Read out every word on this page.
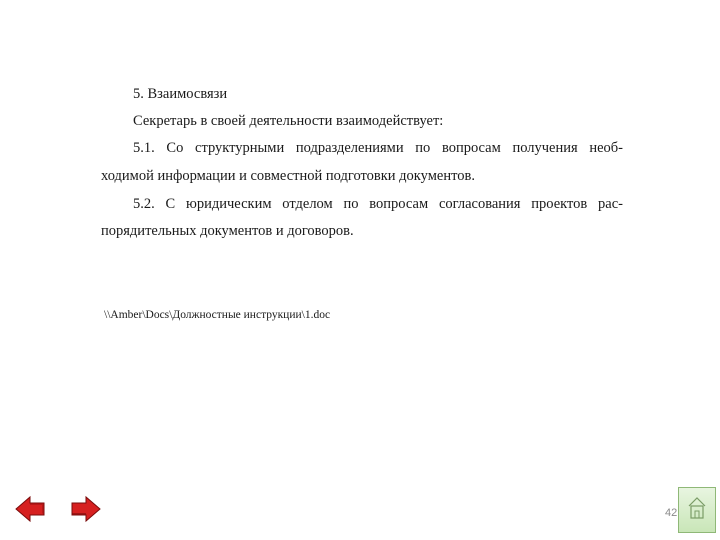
5. Взаимосвязи
Секретарь в своей деятельности взаимодействует:
5.1. Со структурными подразделениями по вопросам получения необ-
ходимой информации и совместной подготовки документов.
5.2. С юридическим отделом по вопросам согласования проектов рас-
порядительных документов и договоров.
\\Amber\Docs\Должностные инструкции\1.doc
42
